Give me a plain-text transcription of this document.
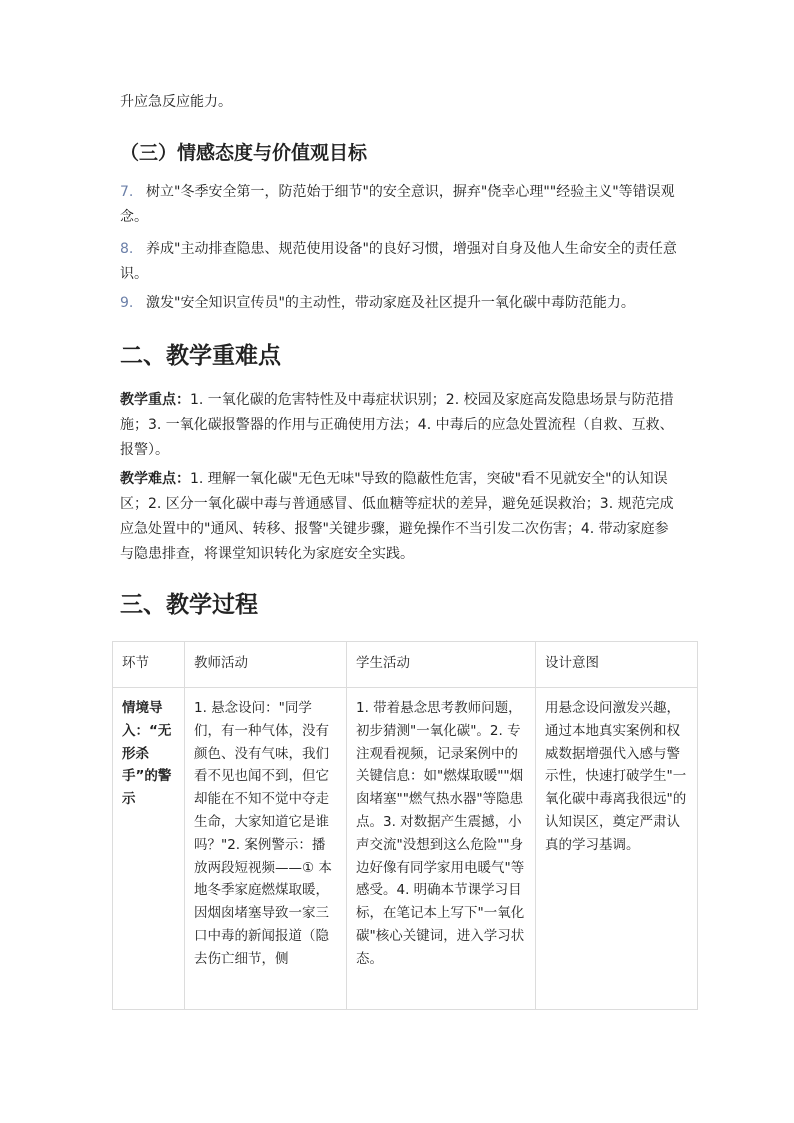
升应急反应能力。

（三）情感态度与价值观目标

7. 树立"冬季安全第一，防范始于细节"的安全意识，摒弃"侥幸心理""经验主义"等错误观念。

8. 养成"主动排查隐患、规范使用设备"的良好习惯，增强对自身及他人生命安全的责任意识。

9. 激发"安全知识宣传员"的主动性，带动家庭及社区提升一氧化碳中毒防范能力。

二、教学重难点

教学重点：1. 一氧化碳的危害特性及中毒症状识别；2. 校园及家庭高发隐患场景与防范措施；3. 一氧化碳报警器的作用与正确使用方法；4. 中毒后的应急处置流程（自救、互救、报警）。

教学难点：1. 理解一氧化碳"无色无味"导致的隐蔽性危害，突破"看不见就安全"的认知误区；2. 区分一氧化碳中毒与普通感冒、低血糖等症状的差异，避免延误救治；3. 规范完成应急处置中的"通风、转移、报警"关键步骤，避免操作不当引发二次伤害；4. 带动家庭参与隐患排查，将课堂知识转化为家庭安全实践。

三、教学过程
环节	教师活动	学生活动	设计意图
情境导入：“无形杀手”的警示	1. 悬念设问："同学们，有一种气体，没有颜色、没有气味，我们看不见也闻不到，但它却能在不知不觉中夺走生命，大家知道它是谁吗？"2. 案例警示：播放两段短视频——① 本地冬季家庭燃煤取暖，因烟囱堵塞导致一家三口中毒的新闻报道（隐去伤亡细节，侧	1. 带着悬念思考教师问题，初步猜测"一氧化碳"。2. 专注观看视频，记录案例中的关键信息：如"燃煤取暖""烟囱堵塞""燃气热水器"等隐患点。3. 对数据产生震撼，小声交流"没想到这么危险""身边好像有同学家用电暖气"等感受。4. 明确本节课学习目标，在笔记本上写下"一氧化碳"核心关键词，进入学习状态。	用悬念设问激发兴趣，通过本地真实案例和权威数据增强代入感与警示性，快速打破学生"一氧化碳中毒离我很远"的认知误区，奠定严肃认真的学习基调。
